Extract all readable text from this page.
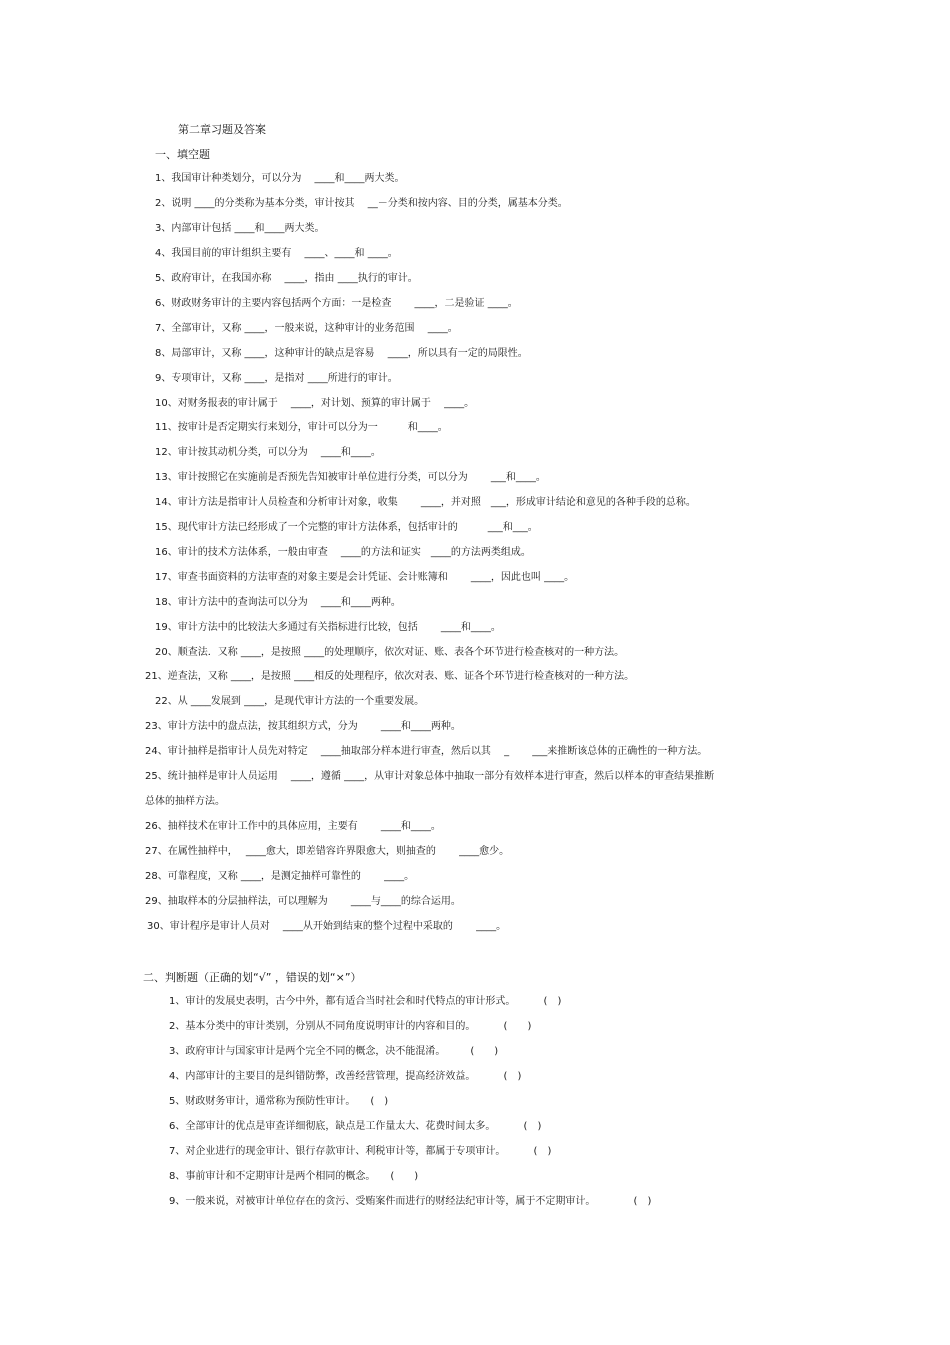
第二章习题及答案
一、填空题
1、我国审计种类划分，可以分为　 ____和____两大类。
2、说明 ____的分类称为基本分类，审计按其　 __－分类和按内容、目的分类，属基本分类。
3、内部审计包括 ____和____两大类。
4、我国目前的审计组织主要有　 ____、____和 ____。
5、政府审计，在我国亦称　 ____，指由 ____执行的审计。
6、财政财务审计的主要内容包括两个方面：一是检查　　 ____，二是验证 ____。
7、全部审计，又称 ____，一般来说，这种审计的业务范围　 ____。
8、局部审计，又称 ____，这种审计的缺点是容易　 ____，所以具有一定的局限性。
9、专项审计，又称 ____，是指对 ____所进行的审计。
10、对财务报表的审计属于　 ____，对计划、预算的审计属于　 ____。
11、按审计是否定期实行来划分，审计可以分为一　　　和____。
12、审计按其动机分类，可以分为　 ____和____。
13、审计按照它在实施前是否预先告知被审计单位进行分类，可以分为　　 ___和____。
14、审计方法是指审计人员检查和分析审计对象，收集　　 ____，并对照　___，形成审计结论和意见的各种手段的总称。
15、现代审计方法已经形成了一个完整的审计方法体系，包括审计的　　　___和___。
16、审计的技术方法体系，一般由审查　 ____的方法和证实　____的方法两类组成。
17、审查书面资料的方法审查的对象主要是会计凭证、会计账簿和　　 ____，因此也叫 ____。
18、审计方法中的查询法可以分为　 ____和____两种。
19、审计方法中的比较法大多通过有关指标进行比较，包括　　 ____和____。
20、顺查法．又称 ____，是按照 ____的处理顺序，依次对证、账、表各个环节进行检查核对的一种方法。
21、逆查法，又称 ____，是按照 ____相反的处理程序，依次对表、账、证各个环节进行检查核对的一种方法。
22、从 ____发展到 ____，是现代审计方法的一个重要发展。
23、审计方法中的盘点法，按其组织方式，分为　　 ____和____两种。
24、审计抽样是指审计人员先对特定　 ____抽取部分样本进行审查，然后以其　 _　　 ___来推断该总体的正确性的一种方法。
25、统计抽样是审计人员运用　 ____，遵循 ____，从审计对象总体中抽取一部分有效样本进行审查，然后以样本的审查结果推断
总体的抽样方法。
26、抽样技术在审计工作中的具体应用，主要有　　 ____和____。
27、在属性抽样中，　 ____愈大，即差错容许界限愈大，则抽查的　　 ____愈少。
28、可靠程度，又称 ____，是测定抽样可靠性的　　 ____。
29、抽取样本的分层抽样法，可以理解为　　 ____与____的综合运用。
30、审计程序是审计人员对　 ____从开始到结束的整个过程中采取的　　 ____。
二、判断题（正确的划“√” ，错误的划“×”）
1、审计的发展史表明，古今中外，都有适合当时社会和时代特点的审计形式。　　　 (　)
2、基本分类中的审计类别，分别从不同角度说明审计的内容和目的。　　　 (　　)
3、政府审计与国家审计是两个完全不同的概念，决不能混淆。　　　(　　)
4、内部审计的主要目的是纠错防弊，改善经营管理，提高经济效益。　　　 (　)
5、财政财务审计，通常称为预防性审计。　　(　)
6、全部审计的优点是审查详细彻底，缺点是工作量太大、花费时间太多。　　　 (　)
7、对企业进行的现金审计、银行存款审计、利税审计等，都属于专项审计。　　　 (　)
8、事前审计和不定期审计是两个相同的概念。　　(　　)
9、一般来说，对被审计单位存在的贪污、受贿案件而进行的财经法纪审计等，属于不定期审计。　　　　 (　)
